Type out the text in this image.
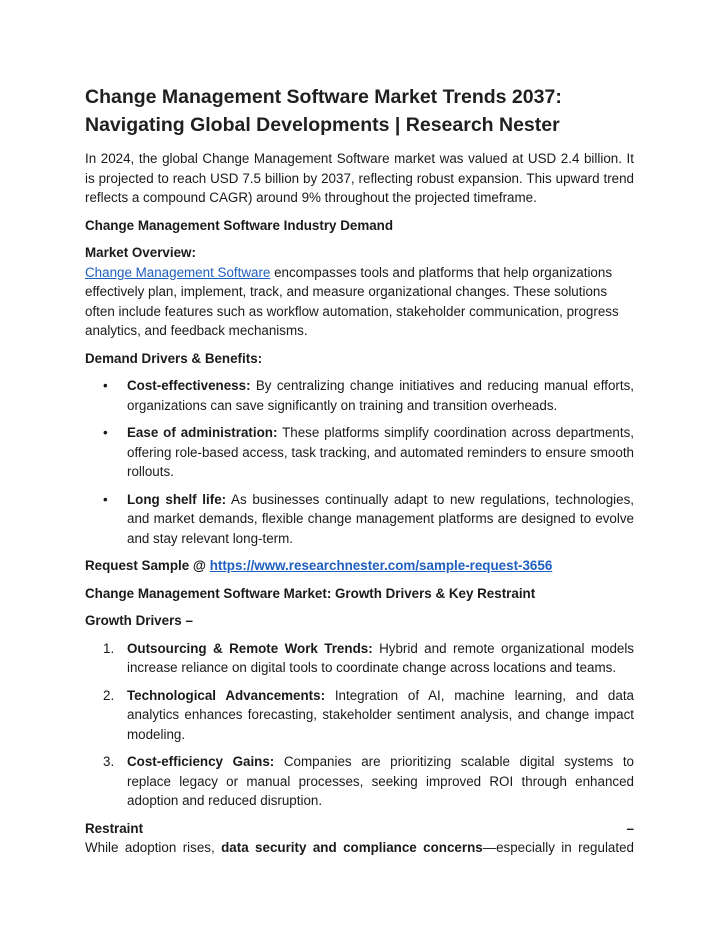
Change Management Software Market Trends 2037: Navigating Global Developments | Research Nester

In 2024, the global Change Management Software market was valued at USD 2.4 billion. It is projected to reach USD 7.5 billion by 2037, reflecting robust expansion. This upward trend reflects a compound CAGR) around 9% throughout the projected timeframe.

Change Management Software Industry Demand

Market Overview:

Change Management Software encompasses tools and platforms that help organizations effectively plan, implement, track, and measure organizational changes. These solutions often include features such as workflow automation, stakeholder communication, progress analytics, and feedback mechanisms.

Demand Drivers & Benefits:

• Cost-effectiveness: By centralizing change initiatives and reducing manual efforts, organizations can save significantly on training and transition overheads.
• Ease of administration: These platforms simplify coordination across departments, offering role-based access, task tracking, and automated reminders to ensure smooth rollouts.
• Long shelf life: As businesses continually adapt to new regulations, technologies, and market demands, flexible change management platforms are designed to evolve and stay relevant long-term.

Request Sample @ https://www.researchnester.com/sample-request-3656

Change Management Software Market: Growth Drivers & Key Restraint

Growth Drivers –

1. Outsourcing & Remote Work Trends: Hybrid and remote organizational models increase reliance on digital tools to coordinate change across locations and teams.
2. Technological Advancements: Integration of AI, machine learning, and data analytics enhances forecasting, stakeholder sentiment analysis, and change impact modeling.
3. Cost-efficiency Gains: Companies are prioritizing scalable digital systems to replace legacy or manual processes, seeking improved ROI through enhanced adoption and reduced disruption.
Restraint	–

While adoption rises, data security and compliance concerns—especially in regulated
